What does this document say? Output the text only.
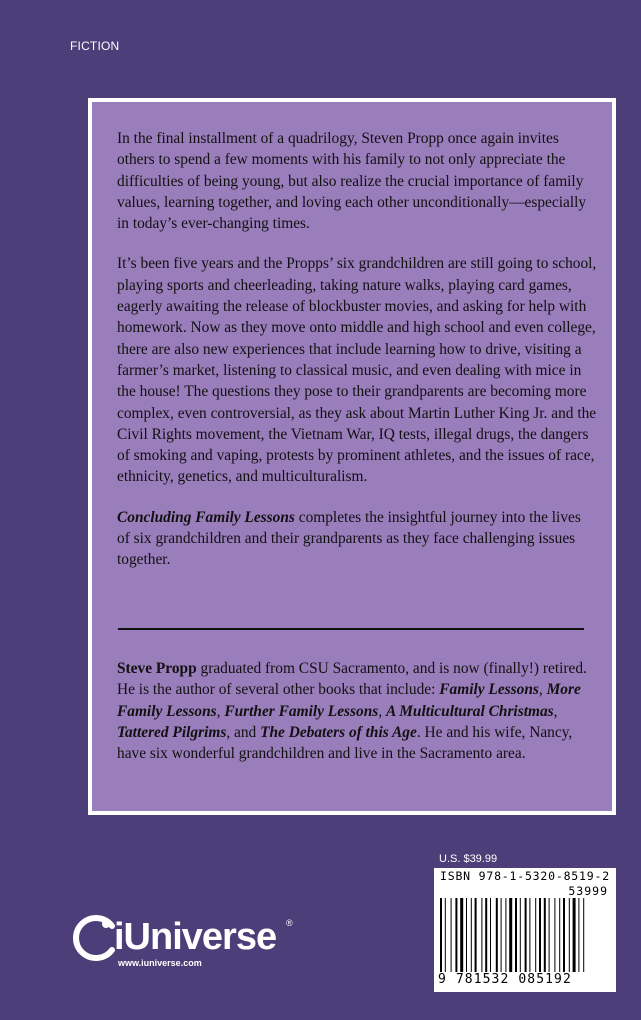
FICTION

In the final installment of a quadrilogy, Steven Propp once again invites others to spend a few moments with his family to not only appreciate the difficulties of being young, but also realize the crucial importance of family values, learning together, and loving each other unconditionally—especially in today’s ever-changing times.

It’s been five years and the Propps’ six grandchildren are still going to school, playing sports and cheerleading, taking nature walks, playing card games, eagerly awaiting the release of blockbuster movies, and asking for help with homework. Now as they move onto middle and high school and even college, there are also new experiences that include learning how to drive, visiting a farmer’s market, listening to classical music, and even dealing with mice in the house! The questions they pose to their grandparents are becoming more complex, even controversial, as they ask about Martin Luther King Jr. and the Civil Rights movement, the Vietnam War, IQ tests, illegal drugs, the dangers of smoking and vaping, protests by prominent athletes, and the issues of race, ethnicity, genetics, and multiculturalism.

Concluding Family Lessons completes the insightful journey into the lives of six grandchildren and their grandparents as they face challenging issues together.

Steve Propp graduated from CSU Sacramento, and is now (finally!) retired. He is the author of several other books that include: Family Lessons, More Family Lessons, Further Family Lessons, A Multicultural Christmas, Tattered Pilgrims, and The Debaters of this Age. He and his wife, Nancy, have six wonderful grandchildren and live in the Sacramento area.

iUniverse ®
www.iuniverse.com
U.S. $39.99
ISBN 978-1-5320-8519-2
53999
9 781532 085192
